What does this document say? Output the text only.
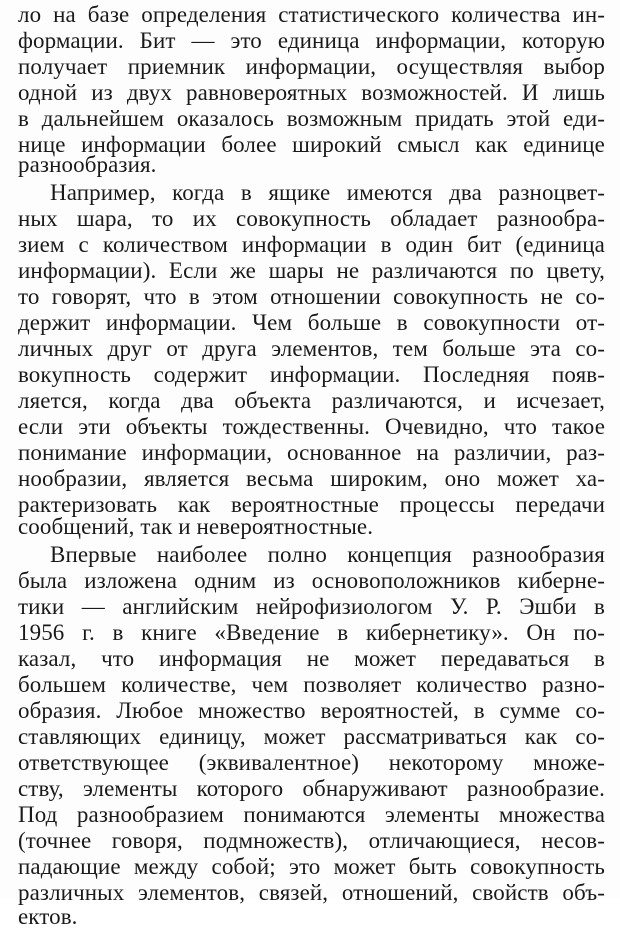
ло на базе определения статистического количества ин-
формации. Бит — это единица информации, которую
получает приемник информации, осуществляя выбор
одной из двух равновероятных возможностей. И лишь
в дальнейшем оказалось возможным придать этой еди-
нице информации более широкий смысл как единице
разнообразия.
Например, когда в ящике имеются два разноцвет-
ных шара, то их совокупность обладает разнообра-
зием с количеством информации в один бит (единица
информации). Если же шары не различаются по цвету,
то говорят, что в этом отношении совокупность не со-
держит информации. Чем больше в совокупности от-
личных друг от друга элементов, тем больше эта со-
вокупность содержит информации. Последняя появ-
ляется, когда два объекта различаются, и исчезает,
если эти объекты тождественны. Очевидно, что такое
понимание информации, основанное на различии, раз-
нообразии, является весьма широким, оно может ха-
рактеризовать как вероятностные процессы передачи
сообщений, так и невероятностные.
Впервые наиболее полно концепция разнообразия
была изложена одним из основоположников киберне-
тики — английским нейрофизиологом У. Р. Эшби в
1956 г. в книге «Введение в кибернетику». Он по-
казал, что информация не может передаваться в
большем количестве, чем позволяет количество разно-
образия. Любое множество вероятностей, в сумме со-
ставляющих единицу, может рассматриваться как со-
ответствующее (эквивалентное) некоторому множе-
ству, элементы которого обнаруживают разнообразие.
Под разнообразием понимаются элементы множества
(точнее говоря, подмножеств), отличающиеся, несов-
падающие между собой; это может быть совокупность
различных элементов, связей, отношений, свойств объ-
ектов.
